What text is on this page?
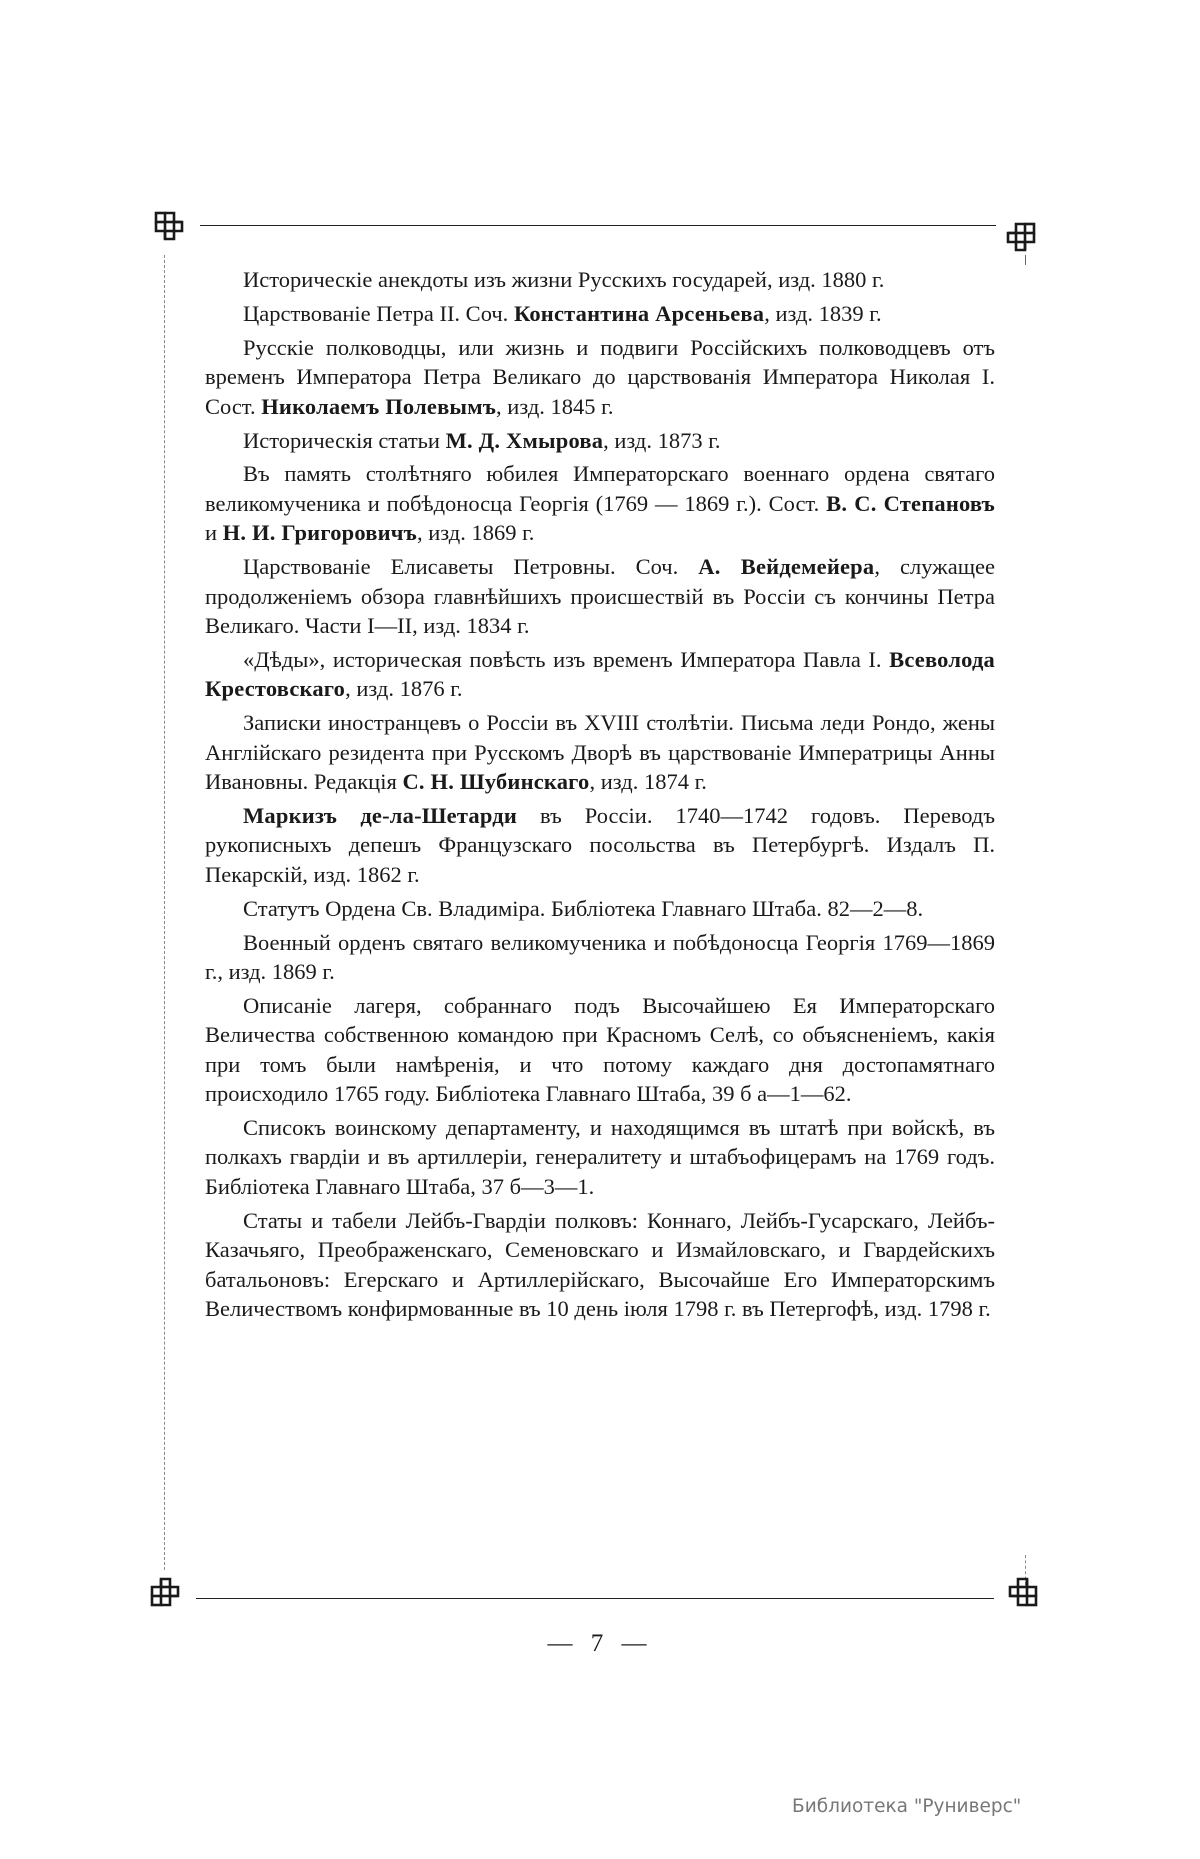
Историческіе анекдоты изъ жизни Русскихъ государей, изд. 1880 г.

Царствованіе Петра II. Соч. Константина Арсеньева, изд. 1839 г.

Русскіе полководцы, или жизнь и подвиги Россійскихъ полководцевъ отъ временъ Императора Петра Великаго до царствованія Императора Николая I. Сост. Николаемъ Полевымъ, изд. 1845 г.

Историческія статьи М. Д. Хмырова, изд. 1873 г.

Въ память столѣтняго юбилея Императорскаго военнаго ордена святаго великомученика и побѣдоносца Георгія (1769 — 1869 г.). Сост. В. С. Степановъ и Н. И. Григоровичъ, изд. 1869 г.

Царствованіе Елисаветы Петровны. Соч. А. Вейдемейера, служащее продолженіемъ обзора главнѣйшихъ происшествій въ Россіи съ кончины Петра Великаго. Части I—II, изд. 1834 г.

«Дѣды», историческая повѣсть изъ временъ Императора Павла I. Всеволода Крестовскаго, изд. 1876 г.

Записки иностранцевъ о Россіи въ XVIII столѣтіи. Письма леди Рондо, жены Англійскаго резидента при Русскомъ Дворѣ въ царствованіе Императрицы Анны Ивановны. Редакція С. Н. Шубинскаго, изд. 1874 г.

Маркизъ де-ла-Шетарди въ Россіи. 1740—1742 годовъ. Переводъ рукописныхъ депешъ Французскаго посольства въ Петербургѣ. Издалъ П. Пекарскій, изд. 1862 г.

Статутъ Ордена Св. Владиміра. Библіотека Главнаго Штаба. 82—2—8.

Военный орденъ святаго великомученика и побѣдоносца Георгія 1769—1869 г., изд. 1869 г.

Описаніе лагеря, собраннаго подъ Высочайшею Ея Императорскаго Величества собственною командою при Красномъ Селѣ, со объясненіемъ, какія при томъ были намѣренія, и что потому каждаго дня достопамятнаго происходило 1765 году. Библіотека Главнаго Штаба, 39 б а—1—62.

Списокъ воинскому департаменту, и находящимся въ штатѣ при войскѣ, въ полкахъ гвардіи и въ артиллеріи, генералитету и штабъофицерамъ на 1769 годъ. Библіотека Главнаго Штаба, 37 б—3—1.

Статы и табели Лейбъ-Гвардіи полковъ: Коннаго, Лейбъ-Гусарскаго, Лейбъ-Казачьяго, Преображенскаго, Семеновскаго и Измайловскаго, и Гвардейскихъ батальоновъ: Егерскаго и Артиллерійскаго, Высочайше Его Императорскимъ Величествомъ конфирмованные въ 10 день іюля 1798 г. въ Петергофѣ, изд. 1798 г.

— 7 —
Библиотека "Руниверс"
